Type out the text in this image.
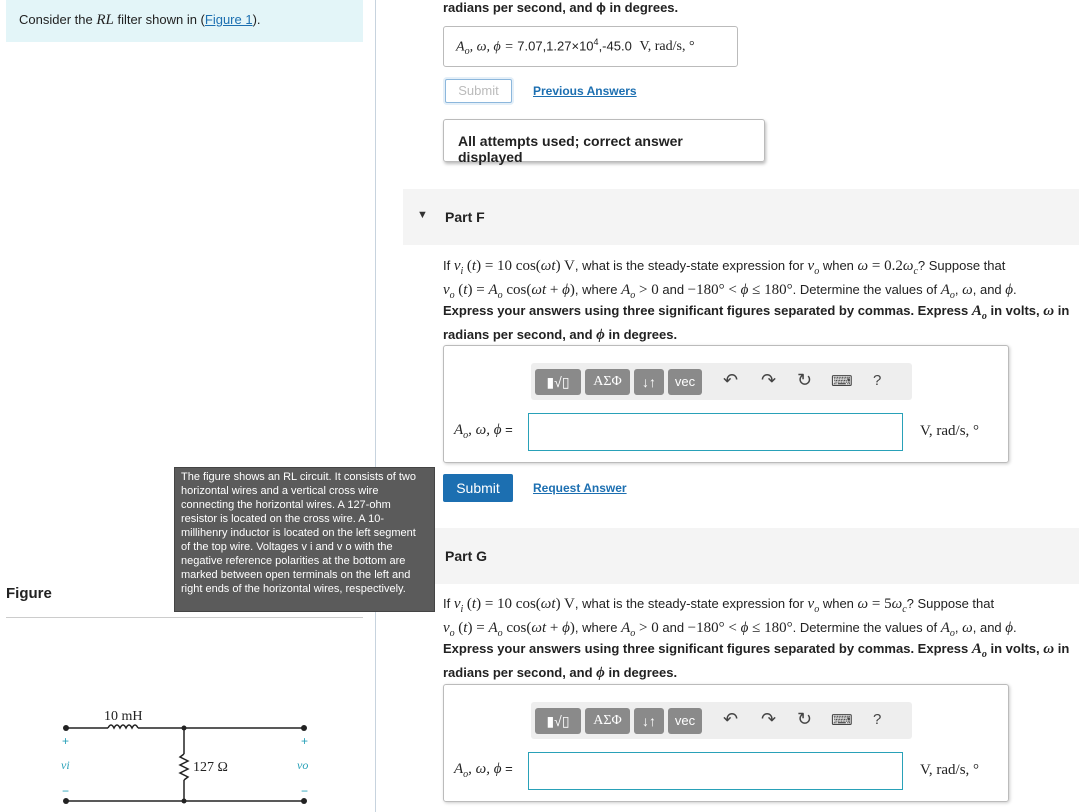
Consider the RL filter shown in (Figure 1).
Figure
10 mH
127 Ω
+
vi
−
+
vo
−
The figure shows an RL circuit. It consists of two horizontal wires and a vertical cross wire connecting the horizontal wires. A 127-ohm resistor is located on the cross wire. A 10-millihenry inductor is located on the left segment of the top wire. Voltages v i and v o with the negative reference polarities at the bottom are marked between open terminals on the left and right ends of the horizontal wires, respectively.
radians per second, and ϕ in degrees.
$A_o$, ω, $\phi = 7.07,1.27\times 10^4,-45.0$ V, rad/s, °
Submit	Previous Answers
All attempts used; correct answer displayed
▼ Part F
If $v_i$ (t) = 10 cos(ωt) V, what is the steady-state expression for $v_o$ when $\omega = 0.2\omega_c$? Suppose that
$v_o$ $(t) = A_o$ cos(ωt + ϕ), where $A_o > 0$ and −180° < ϕ ≤ 180°. Determine the values of $A_o$, ω, and ϕ.
Express your answers using three significant figures separated by commas. Express $A_o$ in volts, ω in radians per second, and ϕ in degrees.
▮√▯	ΑΣΦ	↓↑	vec	↶ ↷ ↻ ⌨ ?
$A_o$, ω, ϕ =	V, rad/s, °
Submit	Request Answer
Part G
If $v_i$ (t) = 10 cos(ωt) V, what is the steady-state expression for $v_o$ when $\omega = 5\omega_c$? Suppose that
$v_o$ $(t) = A_o$ cos(ωt + ϕ), where $A_o > 0$ and −180° < ϕ ≤ 180°. Determine the values of $A_o$, ω, and ϕ.
Express your answers using three significant figures separated by commas. Express $A_o$ in volts, ω in radians per second, and ϕ in degrees.
▮√▯	ΑΣΦ	↓↑	vec	↶ ↷ ↻ ⌨ ?
$A_o$, ω, ϕ =	V, rad/s, °
